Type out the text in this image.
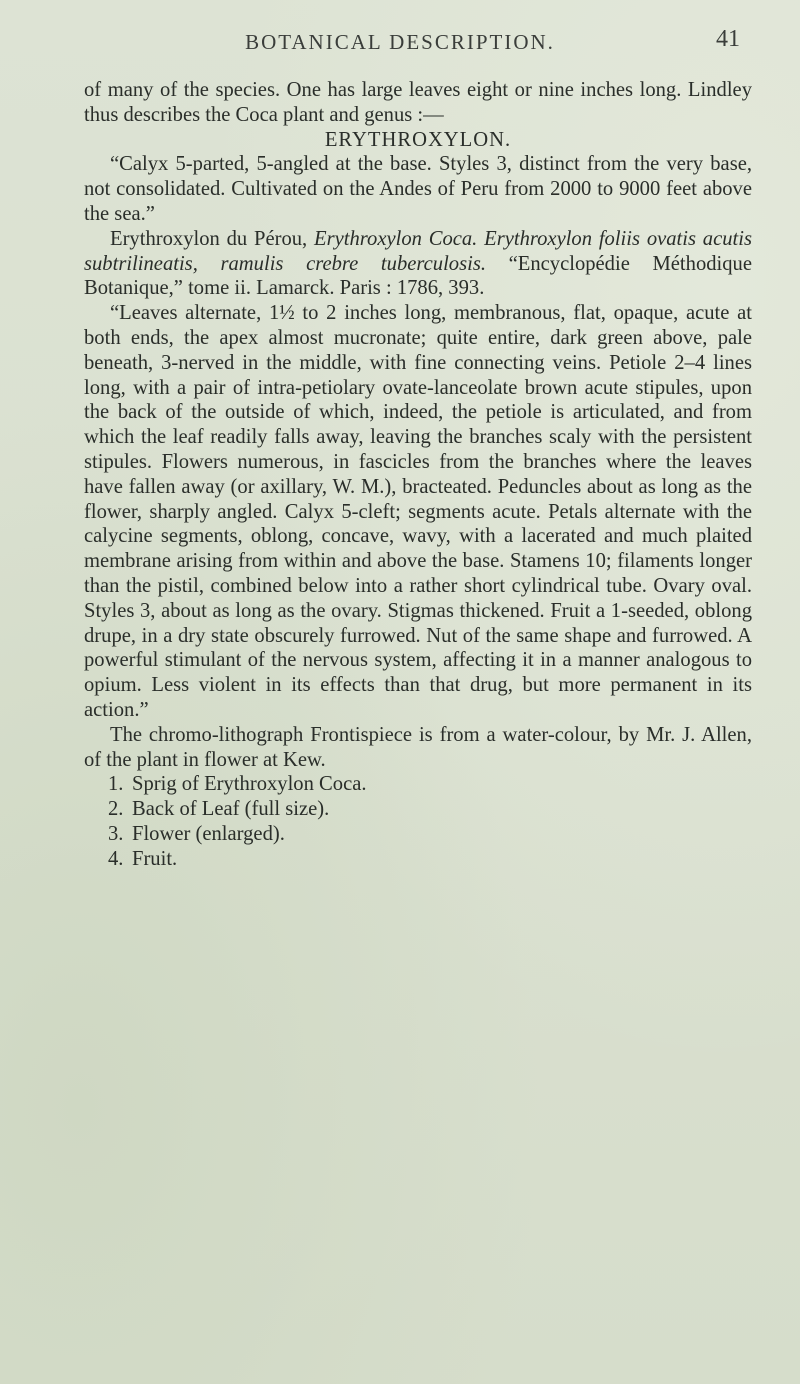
BOTANICAL DESCRIPTION.	41

of many of the species. One has large leaves eight or nine inches long. Lindley thus describes the Coca plant and genus :—

ERYTHROXYLON.

“Calyx 5-parted, 5-angled at the base. Styles 3, distinct from the very base, not consolidated. Cultivated on the Andes of Peru from 2000 to 9000 feet above the sea.”

Erythroxylon du Pérou, Erythroxylon Coca. Erythroxylon foliis ovatis acutis subtrilineatis, ramulis crebre tuberculosis. “Encyclopédie Méthodique Botanique,” tome ii. Lamarck. Paris : 1786, 393.

“Leaves alternate, 1½ to 2 inches long, membranous, flat, opaque, acute at both ends, the apex almost mucronate; quite entire, dark green above, pale beneath, 3-nerved in the middle, with fine connecting veins. Petiole 2–4 lines long, with a pair of intra-petiolary ovate-lanceolate brown acute stipules, upon the back of the outside of which, indeed, the petiole is articulated, and from which the leaf readily falls away, leaving the branches scaly with the persistent stipules. Flowers numerous, in fascicles from the branches where the leaves have fallen away (or axillary, W. M.), bracteated. Peduncles about as long as the flower, sharply angled. Calyx 5-cleft; segments acute. Petals alternate with the calycine segments, oblong, concave, wavy, with a lacerated and much plaited membrane arising from within and above the base. Stamens 10; filaments longer than the pistil, combined below into a rather short cylindrical tube. Ovary oval. Styles 3, about as long as the ovary. Stigmas thickened. Fruit a 1-seeded, oblong drupe, in a dry state obscurely furrowed. Nut of the same shape and furrowed. A powerful stimulant of the nervous system, affecting it in a manner analogous to opium. Less violent in its effects than that drug, but more permanent in its action.”

The chromo-lithograph Frontispiece is from a water-colour, by Mr. J. Allen, of the plant in flower at Kew.

1. Sprig of Erythroxylon Coca.
2. Back of Leaf (full size).
3. Flower (enlarged).
4. Fruit.
